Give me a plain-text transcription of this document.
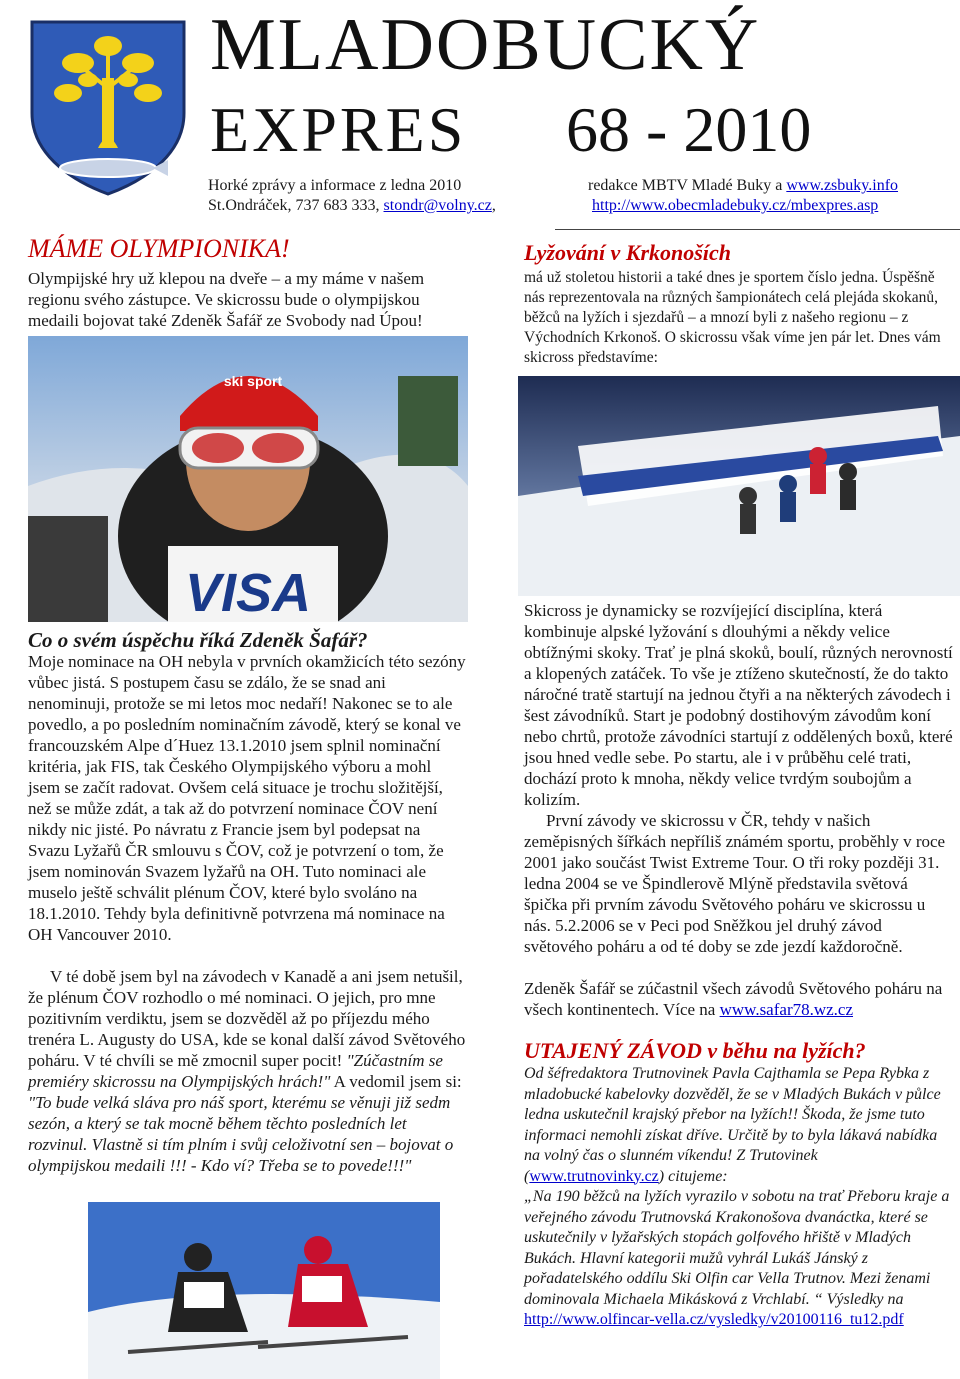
MLADOBUCKÝ
EXPRES 68 - 2010
Horké zprávy a informace z ledna 2010
St.Ondráček, 737 683 333, stondr@volny.cz,
redakce MBTV Mladé Buky a www.zsbuky.info
http://www.obecmladebuky.cz/mbexpres.asp
MÁME OLYMPIONIKA!
Olympijské hry už klepou na dveře – a my máme v našem regionu svého zástupce. Ve skicrossu bude o olympijskou medaili bojovat také Zdeněk Šafář ze Svobody nad Úpou!
ski sport
VISA
Lyžování v Krkonoších
má už stoletou historii a také dnes je sportem číslo jedna. Úspěšně nás reprezentovala na různých šampionátech celá plejáda skokanů, běžců na lyžích i sjezdařů – a mnozí byli z našeho regionu – z Východních Krkonoš. O skicrossu však víme jen pár let. Dnes vám skicross představíme:
Co o svém úspěchu říká Zdeněk Šafář?
Moje nominace na OH nebyla v prvních okamžicích této sezóny vůbec jistá. S postupem času se zdálo, že se snad ani nenominuji, protože se mi letos moc nedaří! Nakonec se to ale povedlo, a po posledním nominačním závodě, který se konal ve francouzském Alpe d´Huez 13.1.2010 jsem splnil nominační kritéria, jak FIS, tak Českého Olympijského výboru a mohl jsem se začít radovat. Ovšem celá situace je trochu složitější, než se může zdát, a tak až do potvrzení nominace ČOV není nikdy nic jisté. Po návratu z Francie jsem byl podepsat na Svazu Lyžařů ČR smlouvu s ČOV, což je potvrzení o tom, že jsem nominován Svazem lyžařů na OH. Tuto nominaci ale muselo ještě schválit plénum ČOV, které bylo svoláno na 18.1.2010. Tehdy byla definitivně potvrzena má nominace na OH Vancouver 2010.
V té době jsem byl na závodech v Kanadě a ani jsem netušil, že plénum ČOV rozhodlo o mé nominaci. O jejich, pro mne pozitivním verdiktu, jsem se dozvěděl až po příjezdu mého trenéra L. Augusty do USA, kde se konal další závod Světového poháru. V té chvíli se mě zmocnil super pocit! "Zúčastním se premiéry skicrossu na Olympijských hrách!" A vedomil jsem si: "To bude velká sláva pro náš sport, kterému se věnuji již sedm sezón, a který se tak mocně během těchto posledních let rozvinul. Vlastně si tím plním i svůj celoživotní sen – bojovat o olympijskou medaili !!! - Kdo ví? Třeba se to povede!!!"
Skicross je dynamicky se rozvíjející disciplína, která kombinuje alpské lyžování s dlouhými a někdy velice obtížnými skoky. Trať je plná skoků, boulí, různých nerovností a klopených zatáček. To vše je ztíženo skutečností, že do takto náročné tratě startují na jednou čtyři a na některých závodech i šest závodníků. Start je podobný dostihovým závodům koní nebo chrtů, protože závodníci startují z oddělených boxů, které jsou hned vedle sebe. Po startu, ale i v průběhu celé trati, dochází proto k mnoha, někdy velice tvrdým soubojům a kolizím.
První závody ve skicrossu v ČR, tehdy v našich zeměpisných šířkách nepříliš známém sportu, proběhly v roce 2001 jako součást Twist Extreme Tour. O tři roky později 31. ledna 2004 se ve Špindlerově Mlýně představila světová špička při prvním závodu Světového poháru ve skicrossu u nás. 5.2.2006 se v Peci pod Sněžkou jel druhý závod světového poháru a od té doby se zde jezdí každoročně.
Zdeněk Šafář se zúčastnil všech závodů Světového poháru na všech kontinentech. Více na www.safar78.wz.cz
UTAJENÝ ZÁVOD v běhu na lyžích?
Od šéfredaktora Trutnovinek Pavla Cajthamla se Pepa Rybka z mladobucké kabelovky dozvěděl, že se v Mladých Bukách v půlce ledna uskutečnil krajský přebor na lyžích!! Škoda, že jsme tuto informaci nemohli získat dříve. Určitě by to byla lákavá nabídka na volný čas o slunném víkendu! Z Trutovinek (www.trutnovinky.cz) citujeme:
„Na 190 běžců na lyžích vyrazilo v sobotu na trať Přeboru kraje a veřejného závodu Trutnovská Krakonošova dvanáctka, které se uskutečnily v lyžařských stopách golfového hřiště v Mladých Bukách. Hlavní kategorii mužů vyhrál Lukáš Jánský z pořadatelského oddílu Ski Olfin car Vella Trutnov. Mezi ženami dominovala Michaela Mikásková z Vrchlabí. “ Výsledky na http://www.olfincar-vella.cz/vysledky/v20100116_tu12.pdf
